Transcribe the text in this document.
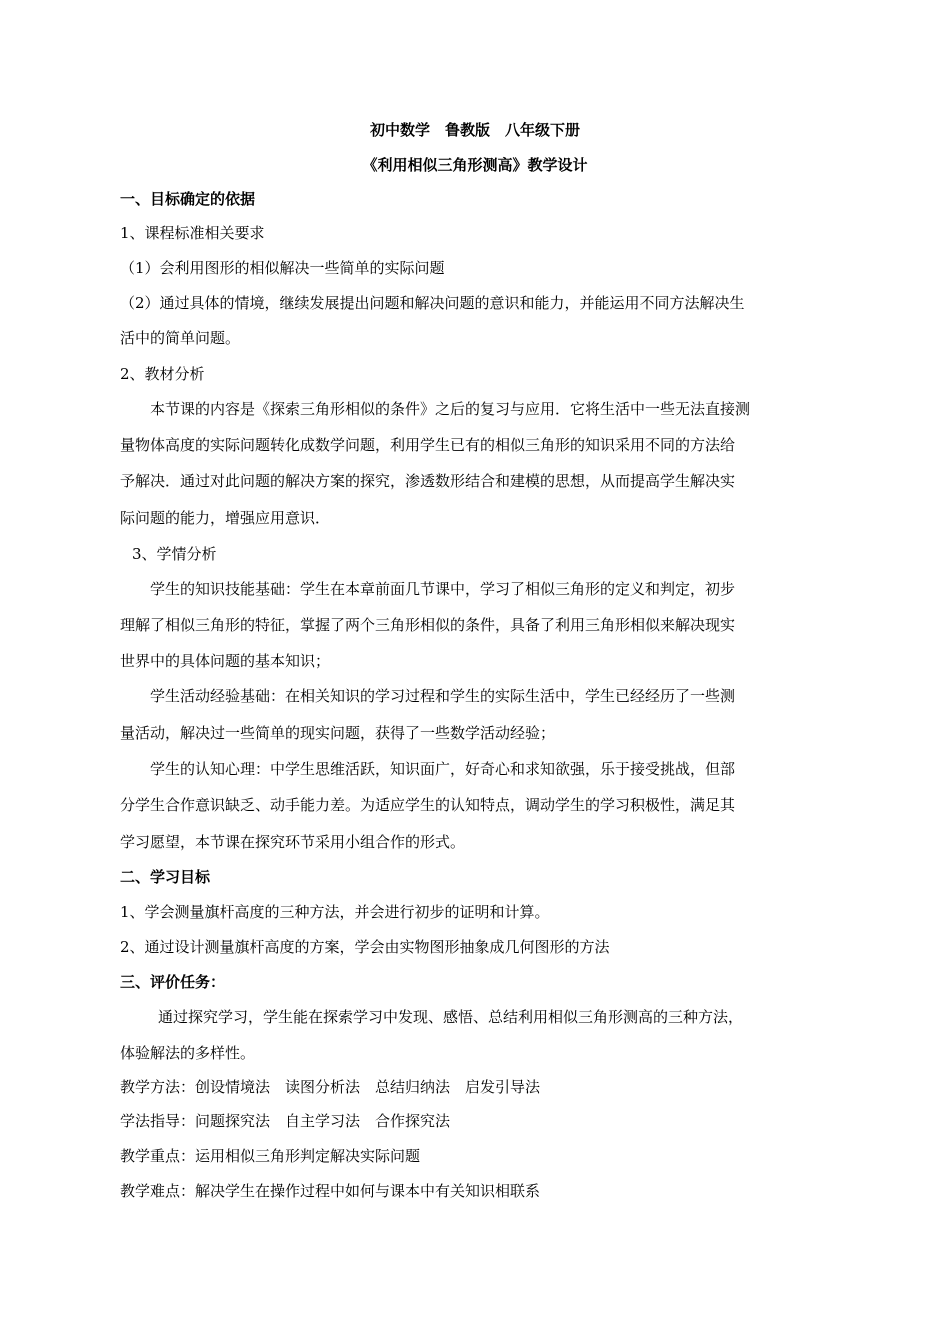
初中数学　鲁教版　八年级下册
《利用相似三角形测高》教学设计
一、目标确定的依据
1、课程标准相关要求
（1）会利用图形的相似解决一些简单的实际问题
（2）通过具体的情境，继续发展提出问题和解决问题的意识和能力，并能运用不同方法解决生
活中的简单问题。
2、教材分析
本节课的内容是《探索三角形相似的条件》之后的复习与应用．它将生活中一些无法直接测
量物体高度的实际问题转化成数学问题，利用学生已有的相似三角形的知识采用不同的方法给
予解决．通过对此问题的解决方案的探究，渗透数形结合和建模的思想，从而提高学生解决实
际问题的能力，增强应用意识．
3、学情分析
学生的知识技能基础：学生在本章前面几节课中，学习了相似三角形的定义和判定，初步
理解了相似三角形的特征，掌握了两个三角形相似的条件，具备了利用三角形相似来解决现实
世界中的具体问题的基本知识；
学生活动经验基础：在相关知识的学习过程和学生的实际生活中，学生已经经历了一些测
量活动，解决过一些简单的现实问题，获得了一些数学活动经验；
学生的认知心理：中学生思维活跃，知识面广，好奇心和求知欲强，乐于接受挑战，但部
分学生合作意识缺乏、动手能力差。为适应学生的认知特点，调动学生的学习积极性，满足其
学习愿望，本节课在探究环节采用小组合作的形式。
二、学习目标
1、学会测量旗杆高度的三种方法，并会进行初步的证明和计算。
2、通过设计测量旗杆高度的方案，学会由实物图形抽象成几何图形的方法
三、评价任务：
通过探究学习，学生能在探索学习中发现、感悟、总结利用相似三角形测高的三种方法，
体验解法的多样性。
教学方法：创设情境法　读图分析法　总结归纳法　启发引导法
学法指导：问题探究法　自主学习法　合作探究法
教学重点：运用相似三角形判定解决实际问题
教学难点：解决学生在操作过程中如何与课本中有关知识相联系
